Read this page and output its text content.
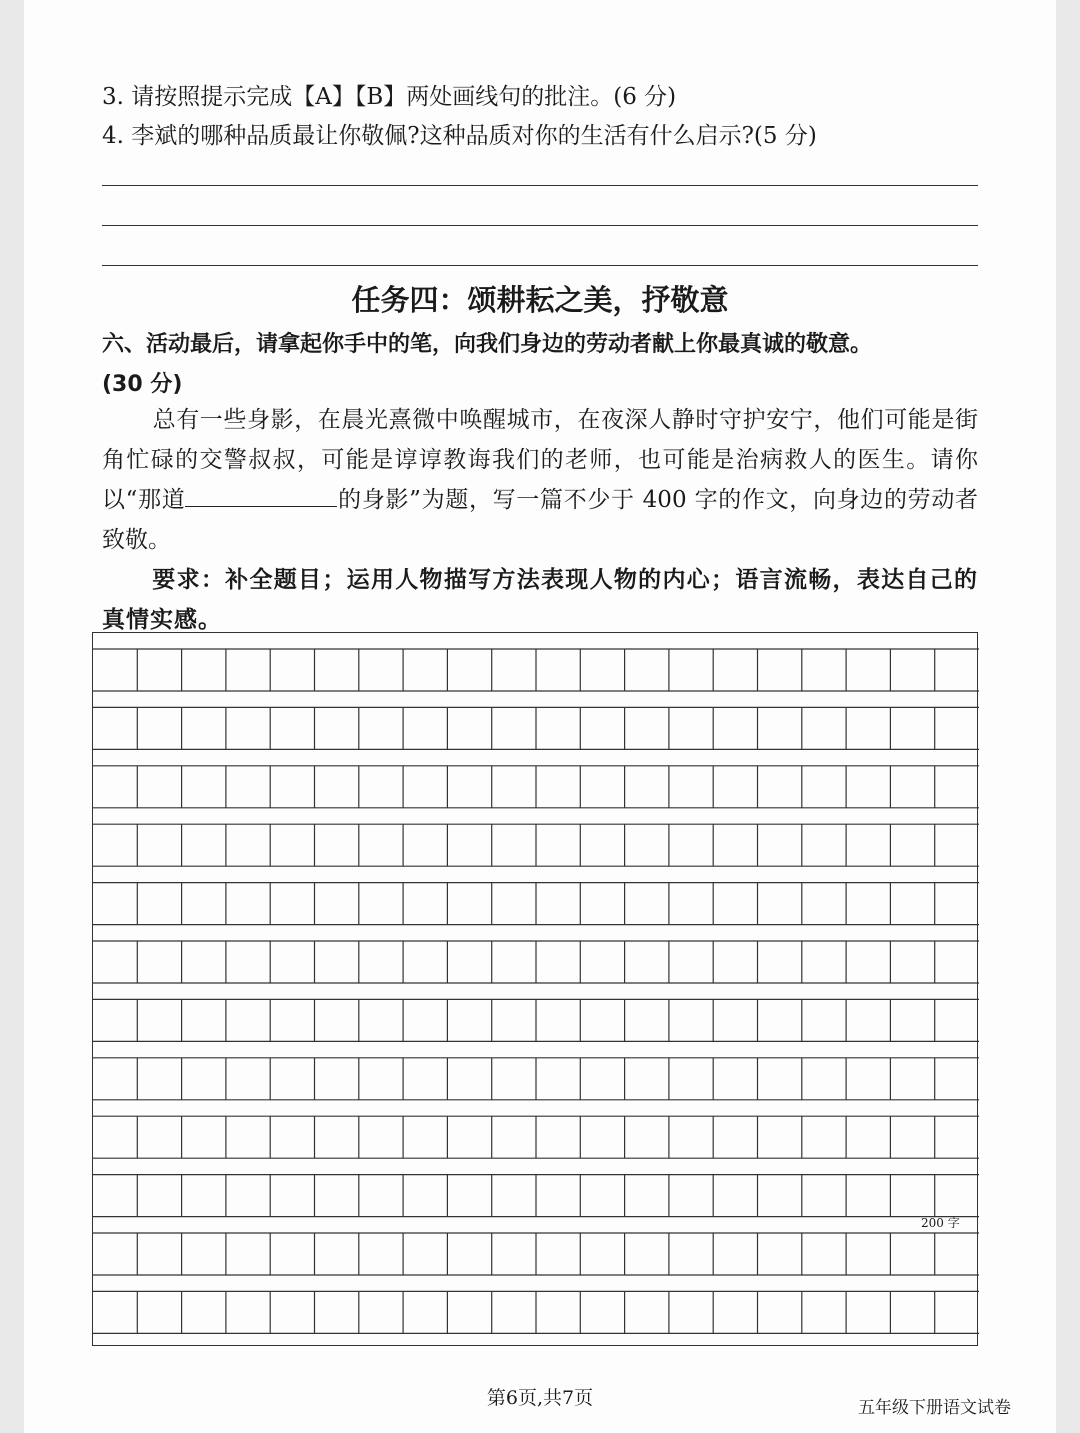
3. 请按照提示完成【A】【B】两处画线句的批注。(6 分)
4. 李斌的哪种品质最让你敬佩?这种品质对你的生活有什么启示?(5 分)
任务四：颂耕耘之美，抒敬意
六、活动最后，请拿起你手中的笔，向我们身边的劳动者献上你最真诚的敬意。
(30 分)
总有一些身影，在晨光熹微中唤醒城市，在夜深人静时守护安宁，他们可能是街角忙碌的交警叔叔，可能是谆谆教诲我们的老师，也可能是治病救人的医生。请你以“那道	的身影”为题，写一篇不少于 400 字的作文，向身边的劳动者致敬。
要求：补全题目；运用人物描写方法表现人物的内心；语言流畅，表达自己的真情实感。
200 字
第6页,共7页	五年级下册语文试卷
